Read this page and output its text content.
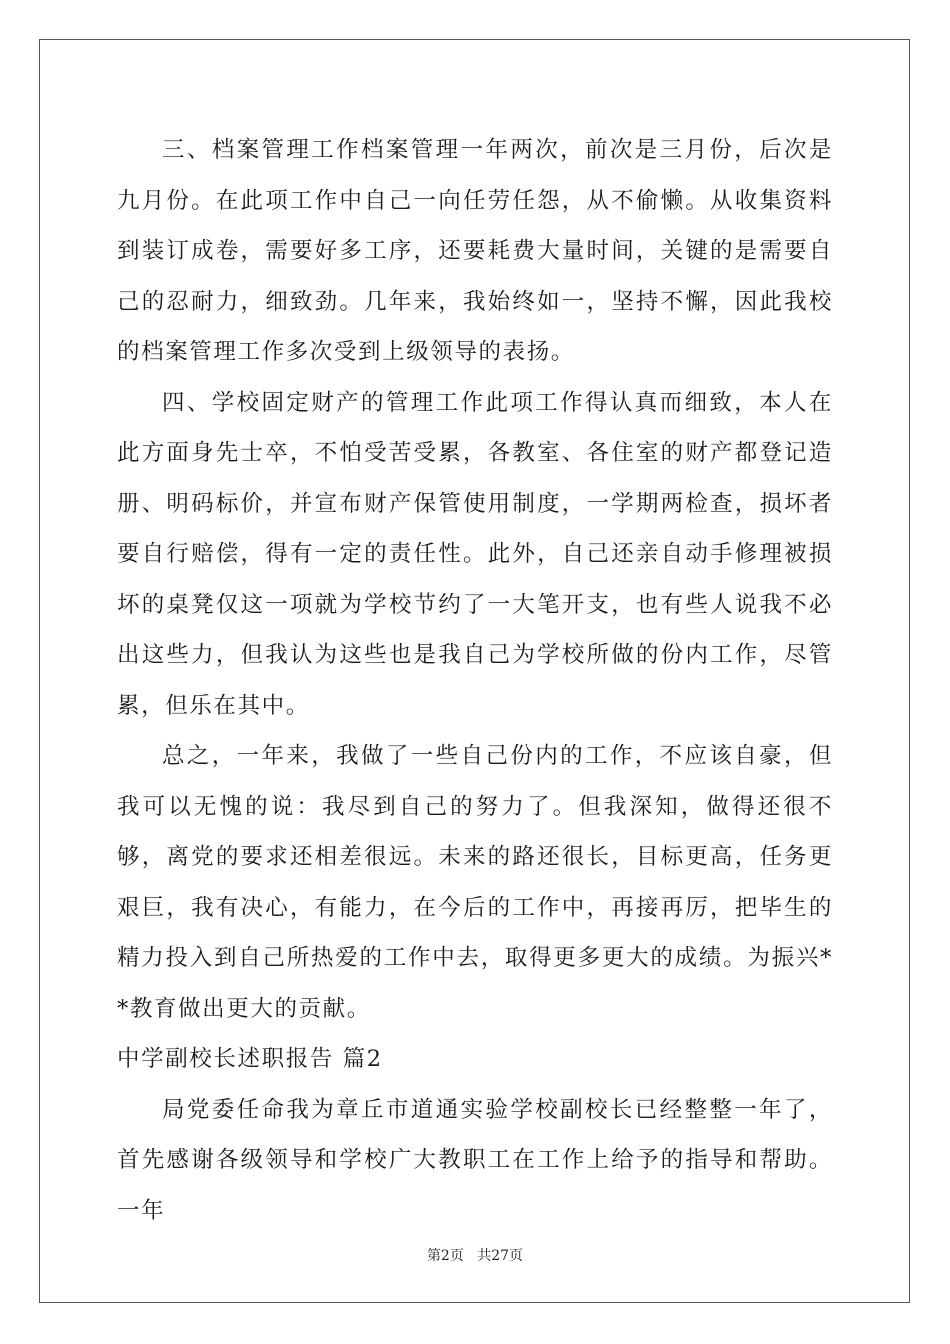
三、档案管理工作档案管理一年两次，前次是三月份，后次是九月份。在此项工作中自己一向任劳任怨，从不偷懒。从收集资料到装订成卷，需要好多工序，还要耗费大量时间，关键的是需要自己的忍耐力，细致劲。几年来，我始终如一，坚持不懈，因此我校的档案管理工作多次受到上级领导的表扬。

四、学校固定财产的管理工作此项工作得认真而细致，本人在此方面身先士卒，不怕受苦受累，各教室、各住室的财产都登记造册、明码标价，并宣布财产保管使用制度，一学期两检查，损坏者要自行赔偿，得有一定的责任性。此外，自己还亲自动手修理被损坏的桌凳仅这一项就为学校节约了一大笔开支，也有些人说我不必出这些力，但我认为这些也是我自己为学校所做的份内工作，尽管累，但乐在其中。

总之，一年来，我做了一些自己份内的工作，不应该自豪，但我可以无愧的说：我尽到自己的努力了。但我深知，做得还很不够，离党的要求还相差很远。未来的路还很长，目标更高，任务更艰巨，我有决心，有能力，在今后的工作中，再接再厉，把毕生的精力投入到自己所热爱的工作中去，取得更多更大的成绩。为振兴**教育做出更大的贡献。

中学副校长述职报告 篇2

局党委任命我为章丘市道通实验学校副校长已经整整一年了，首先感谢各级领导和学校广大教职工在工作上给予的指导和帮助。一年

第2页 共27页
